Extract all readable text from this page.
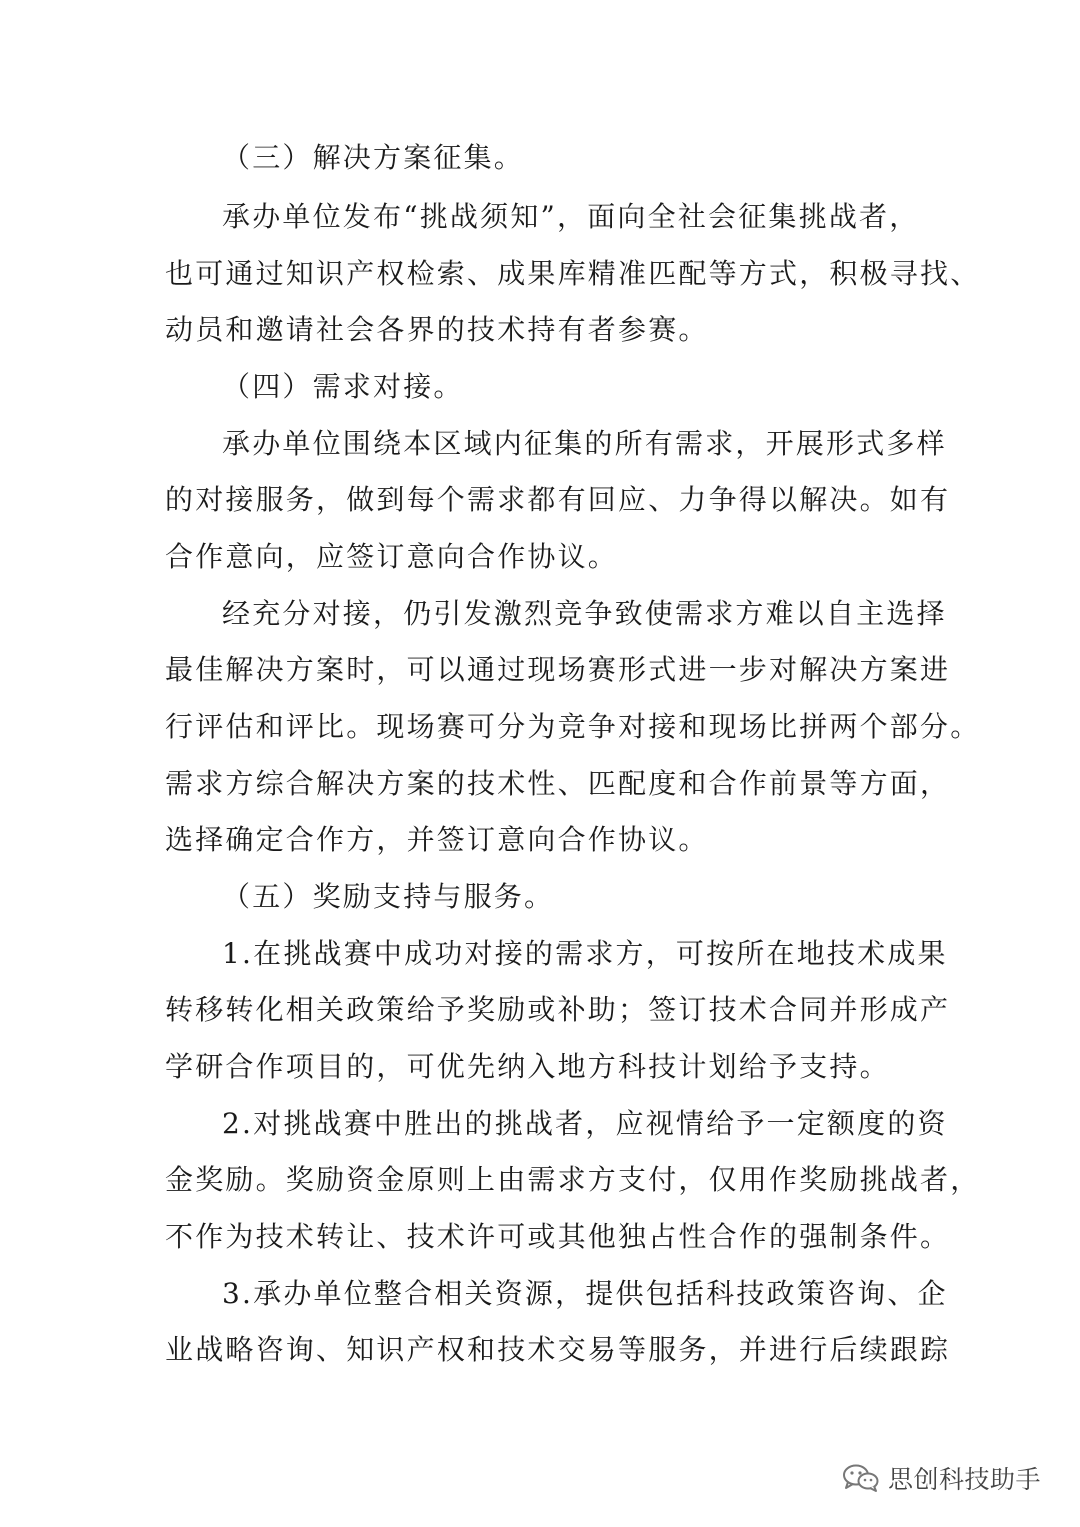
（三）解决方案征集。
承办单位发布“挑战须知”，面向全社会征集挑战者，
也可通过知识产权检索、成果库精准匹配等方式，积极寻找、
动员和邀请社会各界的技术持有者参赛。
（四）需求对接。
承办单位围绕本区域内征集的所有需求，开展形式多样
的对接服务，做到每个需求都有回应、力争得以解决。如有
合作意向，应签订意向合作协议。
经充分对接，仍引发激烈竞争致使需求方难以自主选择
最佳解决方案时，可以通过现场赛形式进一步对解决方案进
行评估和评比。现场赛可分为竞争对接和现场比拼两个部分。
需求方综合解决方案的技术性、匹配度和合作前景等方面，
选择确定合作方，并签订意向合作协议。
（五）奖励支持与服务。
1.在挑战赛中成功对接的需求方，可按所在地技术成果
转移转化相关政策给予奖励或补助；签订技术合同并形成产
学研合作项目的，可优先纳入地方科技计划给予支持。
2.对挑战赛中胜出的挑战者，应视情给予一定额度的资
金奖励。奖励资金原则上由需求方支付，仅用作奖励挑战者，
不作为技术转让、技术许可或其他独占性合作的强制条件。
3.承办单位整合相关资源，提供包括科技政策咨询、企
业战略咨询、知识产权和技术交易等服务，并进行后续跟踪
思创科技助手
